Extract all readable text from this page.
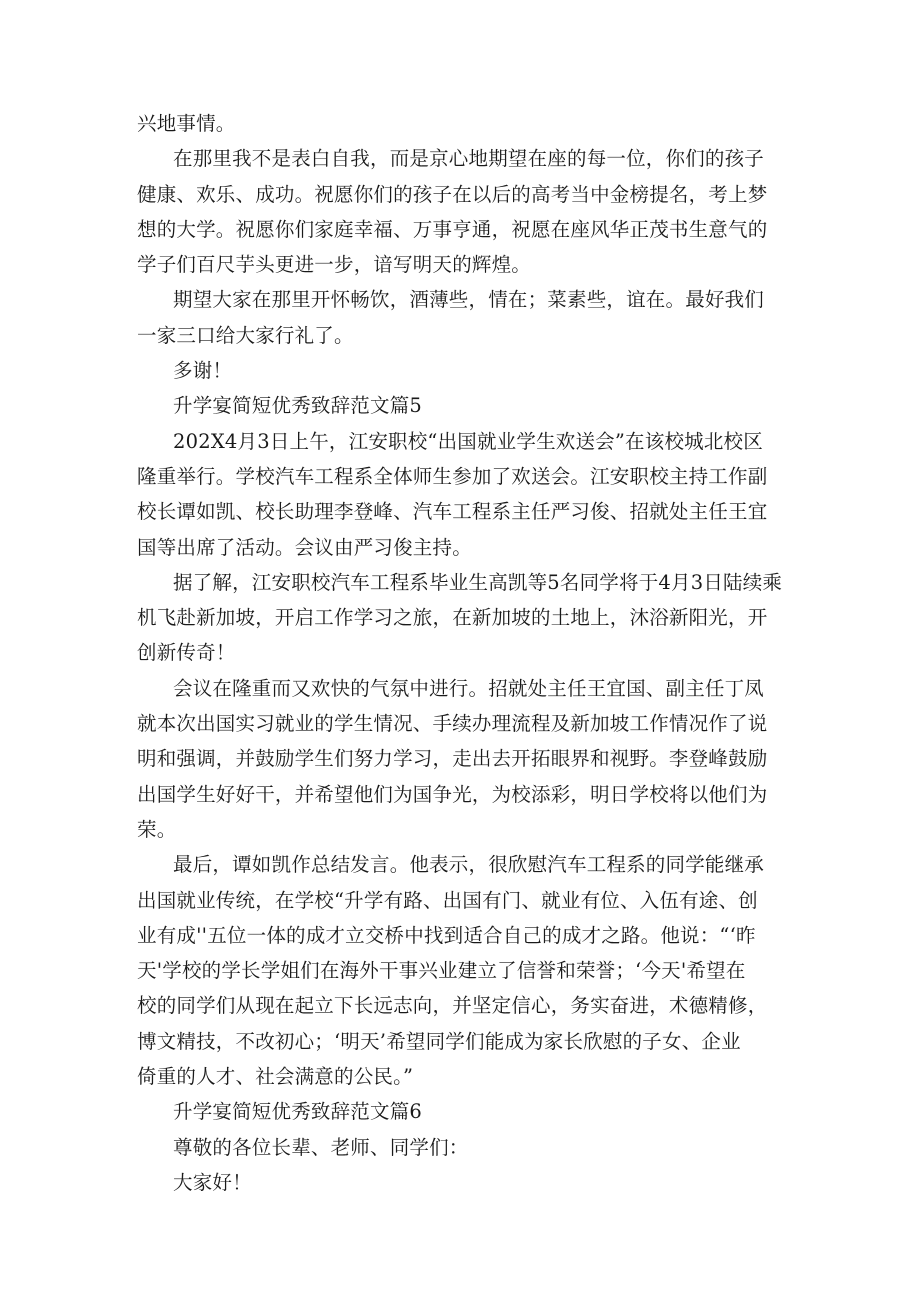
兴地事情。
在那里我不是表白自我，而是京心地期望在座的每一位，你们的孩子
健康、欢乐、成功。祝愿你们的孩子在以后的高考当中金榜提名，考上梦
想的大学。祝愿你们家庭幸福、万事亨通，祝愿在座风华正茂书生意气的
学子们百尺芋头更进一步，谙写明天的辉煌。
期望大家在那里开怀畅饮，酒薄些，情在；菜素些，谊在。最好我们
一家三口给大家行礼了。
多谢！
升学宴简短优秀致辞范文篇5
202X4月3日上午，江安职校“出国就业学生欢送会”在该校城北校区
隆重举行。学校汽车工程系全体师生参加了欢送会。江安职校主持工作副
校长谭如凯、校长助理李登峰、汽车工程系主任严习俊、招就处主任王宜
国等出席了活动。会议由严习俊主持。
据了解，江安职校汽车工程系毕业生高凯等5名同学将于4月3日陆续乘
机飞赴新加坡，开启工作学习之旅，在新加坡的土地上，沐浴新阳光，开
创新传奇！
会议在隆重而又欢快的气氛中进行。招就处主任王宜国、副主任丁凤
就本次出国实习就业的学生情况、手续办理流程及新加坡工作情况作了说
明和强调，并鼓励学生们努力学习，走出去开拓眼界和视野。李登峰鼓励
出国学生好好干，并希望他们为国争光，为校添彩，明日学校将以他们为
荣。
最后，谭如凯作总结发言。他表示，很欣慰汽车工程系的同学能继承
出国就业传统，在学校“升学有路、出国有门、就业有位、入伍有途、创
业有成''五位一体的成才立交桥中找到适合自己的成才之路。他说：“‘昨
天'学校的学长学姐们在海外干事兴业建立了信誉和荣誉；‘今天'希望在
校的同学们从现在起立下长远志向，并坚定信心，务实奋进，术德精修，
博文精技，不改初心；‘明天’希望同学们能成为家长欣慰的子女、企业
倚重的人才、社会满意的公民。”
升学宴简短优秀致辞范文篇6
尊敬的各位长辈、老师、同学们：
大家好！
